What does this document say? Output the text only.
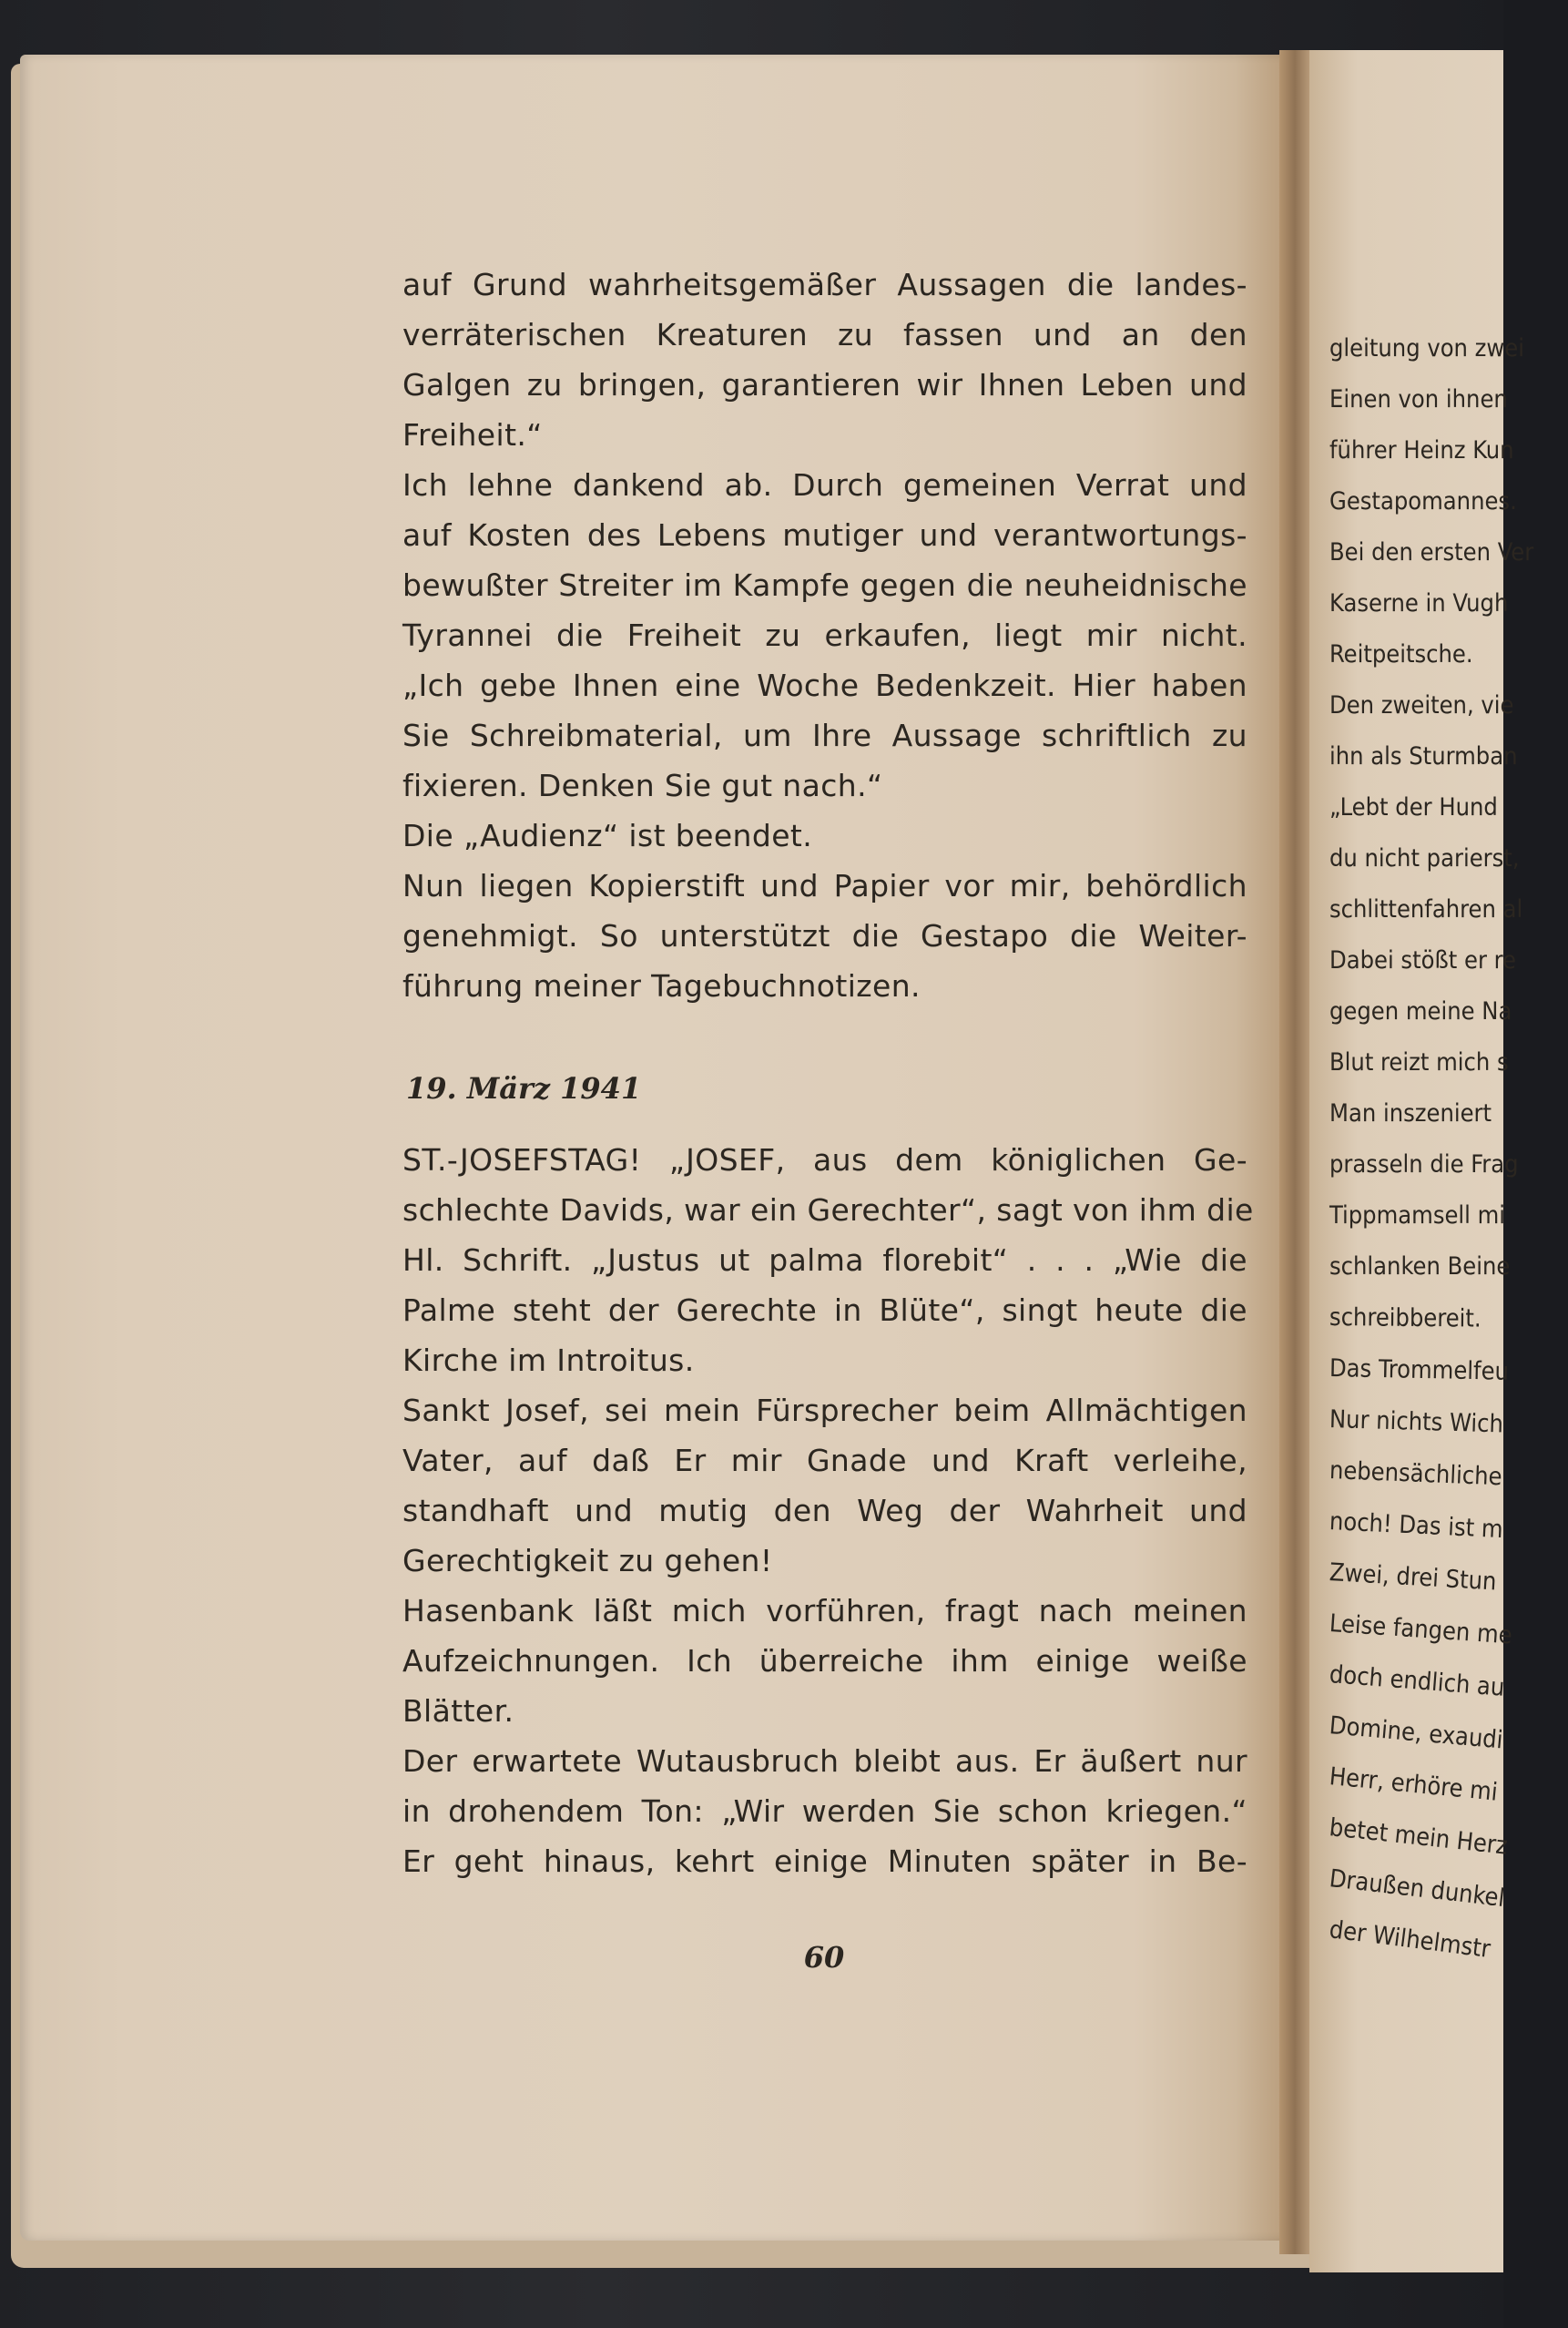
auf Grund wahrheitsgemäßer Aussagen die landes-
verräterischen Kreaturen zu fassen und an den
Galgen zu bringen, garantieren wir Ihnen Leben und
Freiheit.“
Ich lehne dankend ab. Durch gemeinen Verrat und
auf Kosten des Lebens mutiger und verantwortungs-
bewußter Streiter im Kampfe gegen die neuheidnische
Tyrannei die Freiheit zu erkaufen, liegt mir nicht.
„Ich gebe Ihnen eine Woche Bedenkzeit. Hier haben
Sie Schreibmaterial, um Ihre Aussage schriftlich zu
fixieren. Denken Sie gut nach.“
Die „Audienz“ ist beendet.
Nun liegen Kopierstift und Papier vor mir, behördlich
genehmigt. So unterstützt die Gestapo die Weiter-
führung meiner Tagebuchnotizen.
19. März 1941
ST.-JOSEFSTAG! „JOSEF, aus dem königlichen Ge-
schlechte Davids, war ein Gerechter“, sagt von ihm die
Hl. Schrift. „Justus ut palma florebit“ . . . „Wie die
Palme steht der Gerechte in Blüte“, singt heute die
Kirche im Introitus.
Sankt Josef, sei mein Fürsprecher beim Allmächtigen
Vater, auf daß Er mir Gnade und Kraft verleihe,
standhaft und mutig den Weg der Wahrheit und
Gerechtigkeit zu gehen!
Hasenbank läßt mich vorführen, fragt nach meinen
Aufzeichnungen. Ich überreiche ihm einige weiße
Blätter.
Der erwartete Wutausbruch bleibt aus. Er äußert nur
in drohendem Ton: „Wir werden Sie schon kriegen.“
Er geht hinaus, kehrt einige Minuten später in Be-
60
gleitung von zwei
Einen von ihnen
führer Heinz Kun
Gestapomannes.
Bei den ersten Ver
Kaserne in Vugh
Reitpeitsche.
Den zweiten, vie
ihn als Sturmban
„Lebt der Hund
du nicht parierst,
schlittenfahren al
Dabei stößt er re
gegen meine Na
Blut reizt mich s
Man inszeniert
prasseln die Frag
Tippmamsell mi
schlanken Beine
schreibbereit.
Das Trommelfeu
Nur nichts Wich
nebensächliche
noch! Das ist m
Zwei, drei Stun
Leise fangen me
doch endlich au
Domine, exaudi
Herr, erhöre mi
betet mein Herz
Draußen dunkel
der Wilhelmstr
